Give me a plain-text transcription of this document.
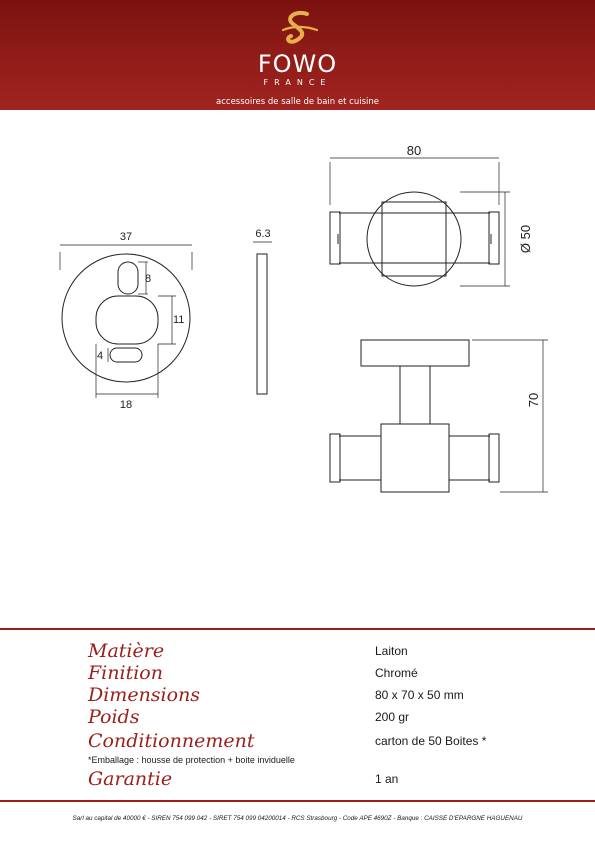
FOWO
FRANCE
accessoires de salle de bain et cuisine
37	6.3
8
11
4
18
80
Ø 50
70
Matière	Laiton
Finition	Chromé
Dimensions	80 x 70 x 50 mm
Poids	200 gr
Conditionnement	carton de 50 Boites *
Garantie	1 an
*Emballage : housse de protection + boite inviduelle
Sarl au capital de 40000 € - SIREN 754 099 042 - SIRET 754 099 04200014 - RCS Strasbourg - Code APE 4690Z - Banque : CAISSE D'EPARGNE HAGUENAU
